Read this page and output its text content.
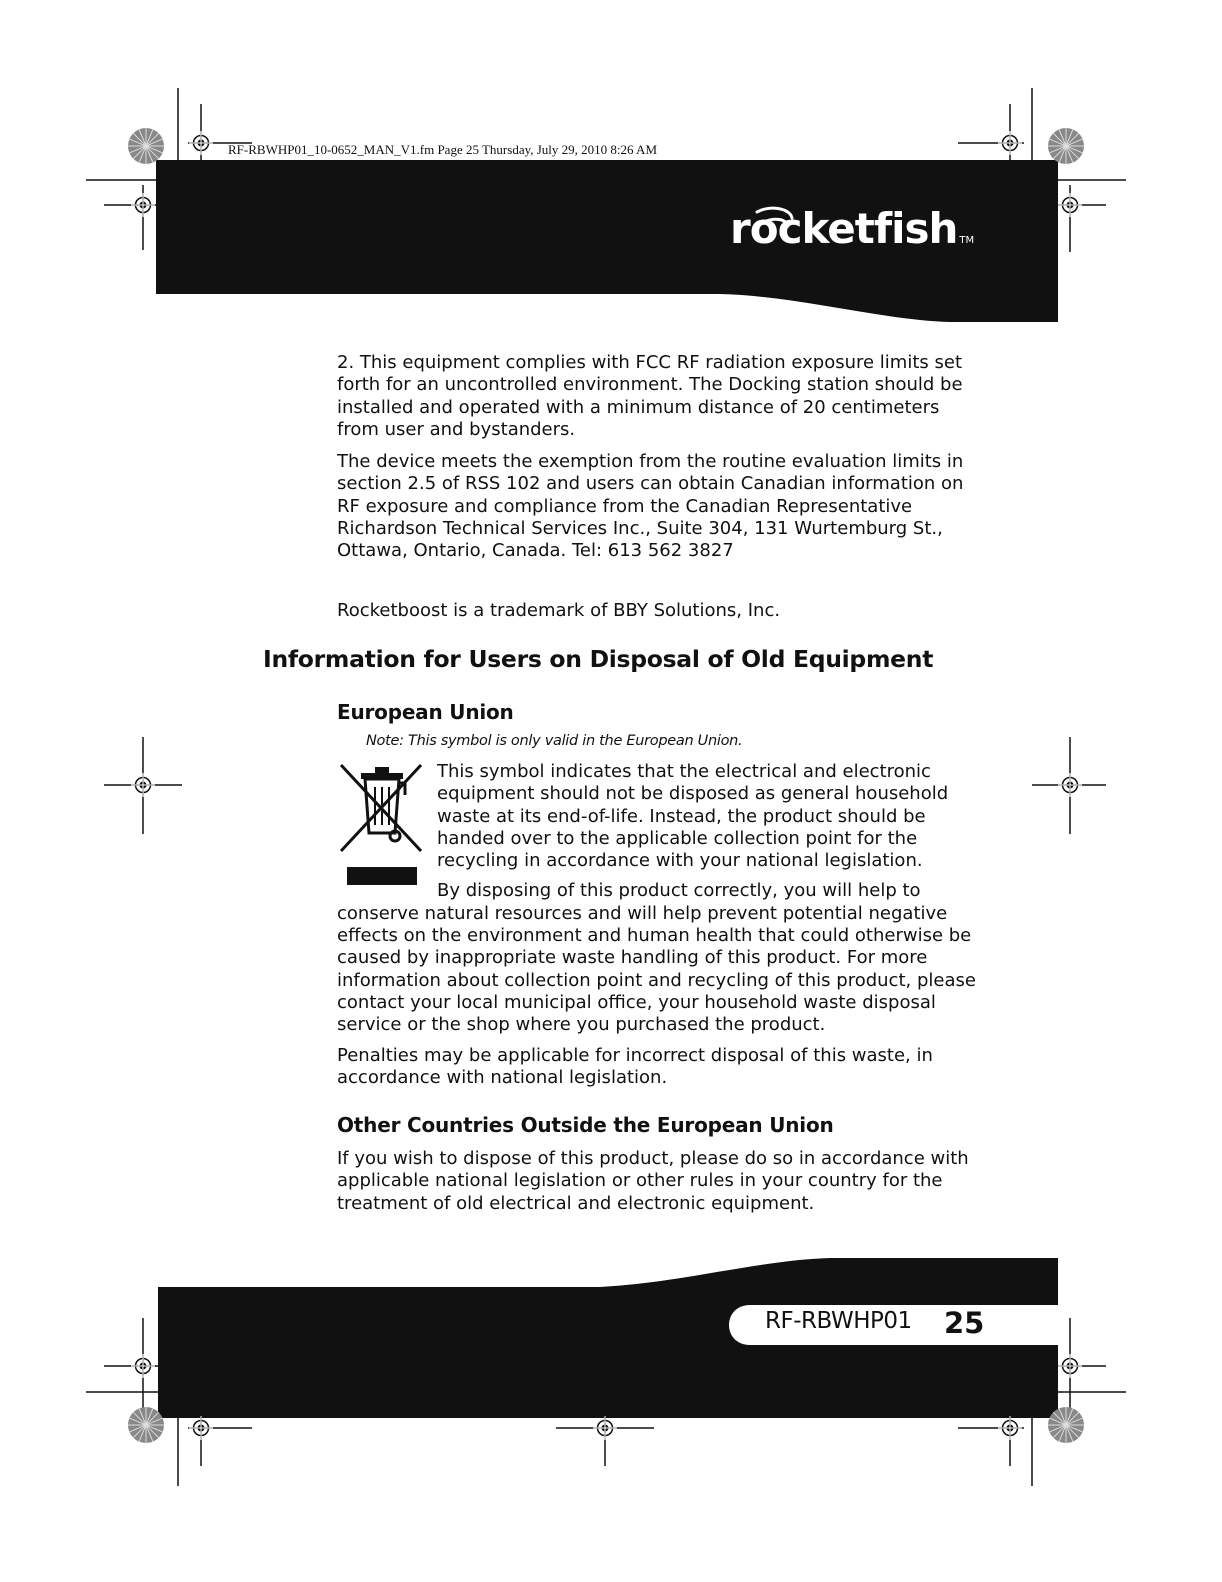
RF-RBWHP01_10-0652_MAN_V1.fm Page 25 Thursday, July 29, 2010 8:26 AM
rocketfish TM
2. This equipment complies with FCC RF radiation exposure limits set forth for an uncontrolled environment. The Docking station should be installed and operated with a minimum distance of 20 centimeters from user and bystanders.
The device meets the exemption from the routine evaluation limits in section 2.5 of RSS 102 and users can obtain Canadian information on RF exposure and compliance from the Canadian Representative Richardson Technical Services Inc., Suite 304, 131 Wurtemburg St., Ottawa, Ontario, Canada. Tel: 613 562 3827
Rocketboost is a trademark of BBY Solutions, Inc.
Information for Users on Disposal of Old Equipment
European Union
Note: This symbol is only valid in the European Union.
This symbol indicates that the electrical and electronic equipment should not be disposed as general household waste at its end-of-life. Instead, the product should be handed over to the applicable collection point for the recycling in accordance with your national legislation.
By disposing of this product correctly, you will help to conserve natural resources and will help prevent potential negative effects on the environment and human health that could otherwise be caused by inappropriate waste handling of this product. For more information about collection point and recycling of this product, please contact your local municipal office, your household waste disposal service or the shop where you purchased the product.
Penalties may be applicable for incorrect disposal of this waste, in accordance with national legislation.
Other Countries Outside the European Union
If you wish to dispose of this product, please do so in accordance with applicable national legislation or other rules in your country for the treatment of old electrical and electronic equipment.
RF-RBWHP01 25
